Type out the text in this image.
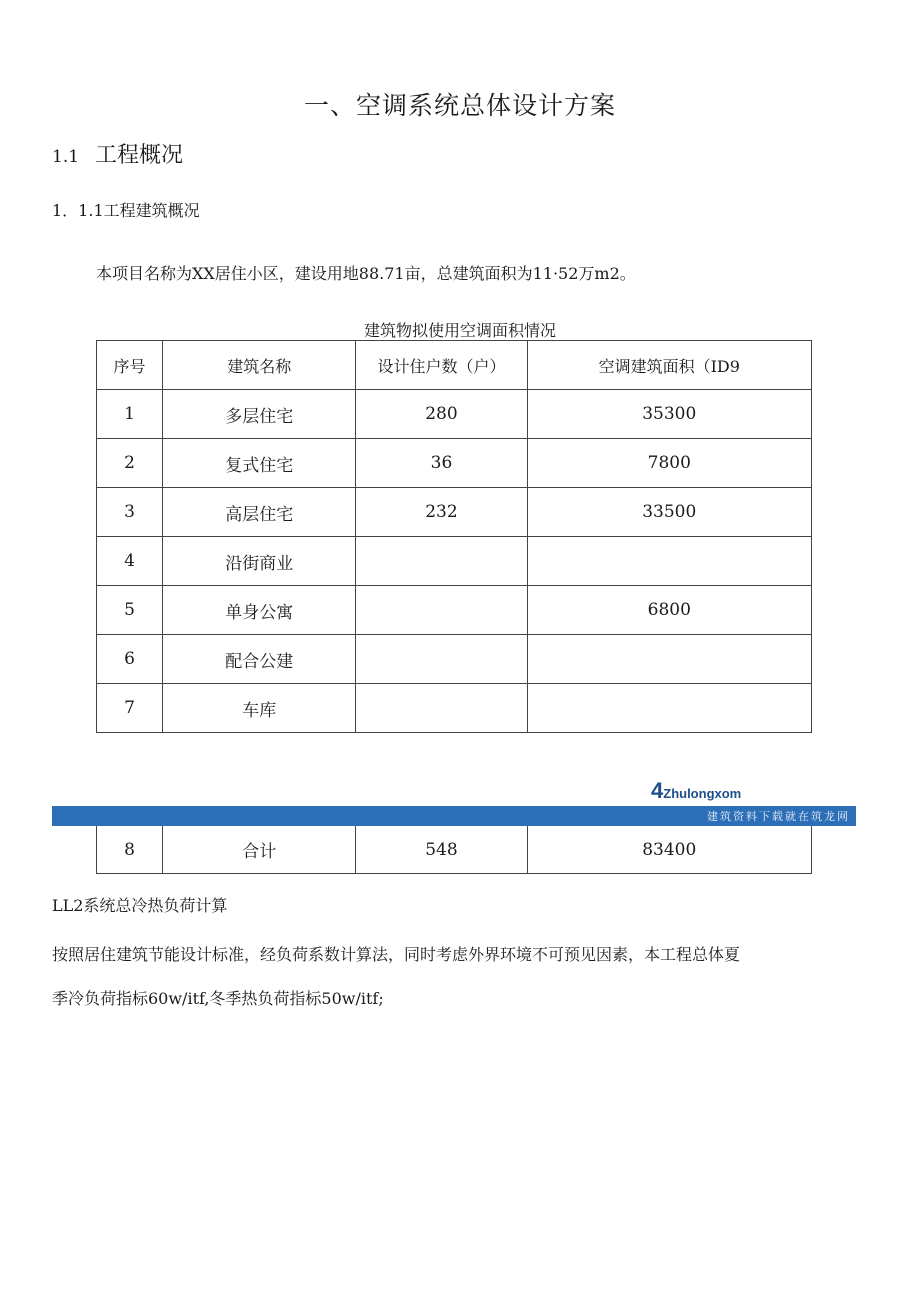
一、空调系统总体设计方案
1.1 工程概况
1．1.1工程建筑概况
本项目名称为XX居住小区，建设用地88.71亩，总建筑面积为11·52万m2。
建筑物拟使用空调面积情况
序号	建筑名称	设计住户数（户）	空调建筑面积（ID9
1	多层住宅	280	35300
2	复式住宅	36	7800
3	高层住宅	232	33500
4	沿街商业		
5	单身公寓		6800
6	配合公建		
7	车库		
4Zhulongxom
建筑资料下载就在筑龙网
8	合计	548	83400
LL2系统总冷热负荷计算
按照居住建筑节能设计标准，经负荷系数计算法，同时考虑外界环境不可预见因素，本工程总体夏
季冷负荷指标60w/itf,冬季热负荷指标50w/itf;
